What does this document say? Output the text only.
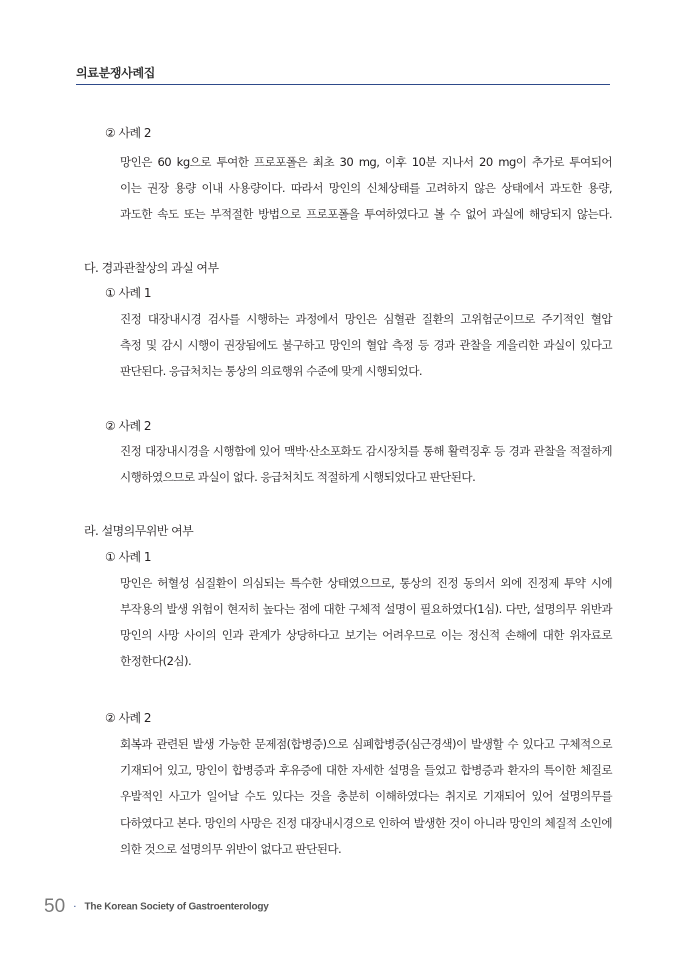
의료분쟁사례집
② 사례 2
망인은 60 kg으로 투여한 프로포폴은 최초 30 mg, 이후 10분 지나서 20 mg이 추가로 투여되어
이는 권장 용량 이내 사용량이다. 따라서 망인의 신체상태를 고려하지 않은 상태에서 과도한 용량,
과도한 속도 또는 부적절한 방법으로 프로포폴을 투여하였다고 볼 수 없어 과실에 해당되지 않는다.
다. 경과관찰상의 과실 여부
① 사례 1
진정 대장내시경 검사를 시행하는 과정에서 망인은 심혈관 질환의 고위험군이므로 주기적인 혈압
측정 및 감시 시행이 권장됨에도 불구하고 망인의 혈압 측정 등 경과 관찰을 게을리한 과실이 있다고
판단된다. 응급처치는 통상의 의료행위 수준에 맞게 시행되었다.
② 사례 2
진정 대장내시경을 시행함에 있어 맥박·산소포화도 감시장치를 통해 활력징후 등 경과 관찰을 적절하게
시행하였으므로 과실이 없다. 응급처치도 적절하게 시행되었다고 판단된다.
라. 설명의무위반 여부
① 사례 1
망인은 허혈성 심질환이 의심되는 특수한 상태였으므로, 통상의 진정 동의서 외에 진정제 투약 시에
부작용의 발생 위험이 현저히 높다는 점에 대한 구체적 설명이 필요하였다(1심). 다만, 설명의무 위반과
망인의 사망 사이의 인과 관계가 상당하다고 보기는 어려우므로 이는 정신적 손해에 대한 위자료로
한정한다(2심).
② 사례 2
회복과 관련된 발생 가능한 문제점(합병증)으로 심폐합병증(심근경색)이 발생할 수 있다고 구체적으로
기재되어 있고, 망인이 합병증과 후유증에 대한 자세한 설명을 들었고 합병증과 환자의 특이한 체질로
우발적인 사고가 일어날 수도 있다는 것을 충분히 이해하였다는 취지로 기재되어 있어 설명의무를
다하였다고 본다. 망인의 사망은 진정 대장내시경으로 인하여 발생한 것이 아니라 망인의 체질적 소인에
의한 것으로 설명의무 위반이 없다고 판단된다.
50 · The Korean Society of Gastroenterology
